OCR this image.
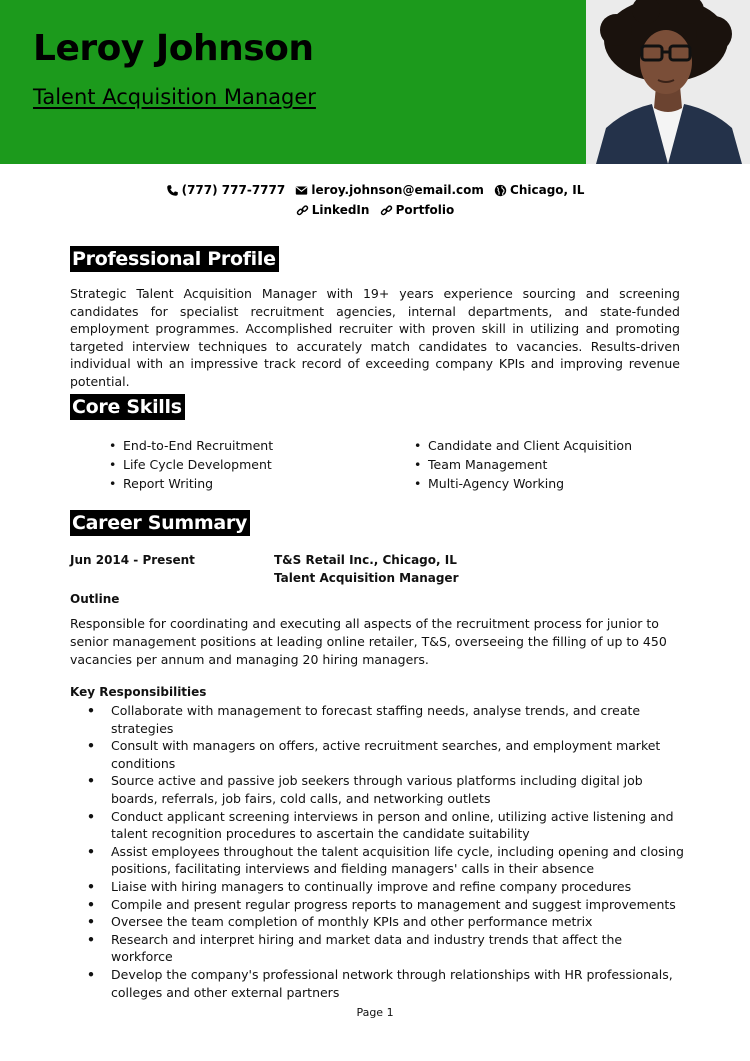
Leroy Johnson
Talent Acquisition Manager
(777) 777-7777
leroy.johnson@email.com
Chicago, IL
LinkedIn
Portfolio
Professional Profile
Strategic Talent Acquisition Manager with 19+ years experience sourcing and screening candidates for specialist recruitment agencies, internal departments, and state-funded employment programmes. Accomplished recruiter with proven skill in utilizing and promoting targeted interview techniques to accurately match candidates to vacancies. Results-driven individual with an impressive track record of exceeding company KPIs and improving revenue potential.
Core Skills
• End-to-End Recruitment
• Life Cycle Development
• Report Writing
• Candidate and Client Acquisition
• Team Management
• Multi-Agency Working
Career Summary
Jun 2014 - Present	T&S Retail Inc., Chicago, IL
Talent Acquisition Manager
Outline
Responsible for coordinating and executing all aspects of the recruitment process for junior to senior management positions at leading online retailer, T&S, overseeing the filling of up to 450 vacancies per annum and managing 20 hiring managers.
Key Responsibilities
• Collaborate with management to forecast staffing needs, analyse trends, and create strategies
• Consult with managers on offers, active recruitment searches, and employment market conditions
• Source active and passive job seekers through various platforms including digital job boards, referrals, job fairs, cold calls, and networking outlets
• Conduct applicant screening interviews in person and online, utilizing active listening and talent recognition procedures to ascertain the candidate suitability
• Assist employees throughout the talent acquisition life cycle, including opening and closing positions, facilitating interviews and fielding managers' calls in their absence
• Liaise with hiring managers to continually improve and refine company procedures
• Compile and present regular progress reports to management and suggest improvements
• Oversee the team completion of monthly KPIs and other performance metrix
• Research and interpret hiring and market data and industry trends that affect the workforce
• Develop the company's professional network through relationships with HR professionals, colleges and other external partners
Page 1
